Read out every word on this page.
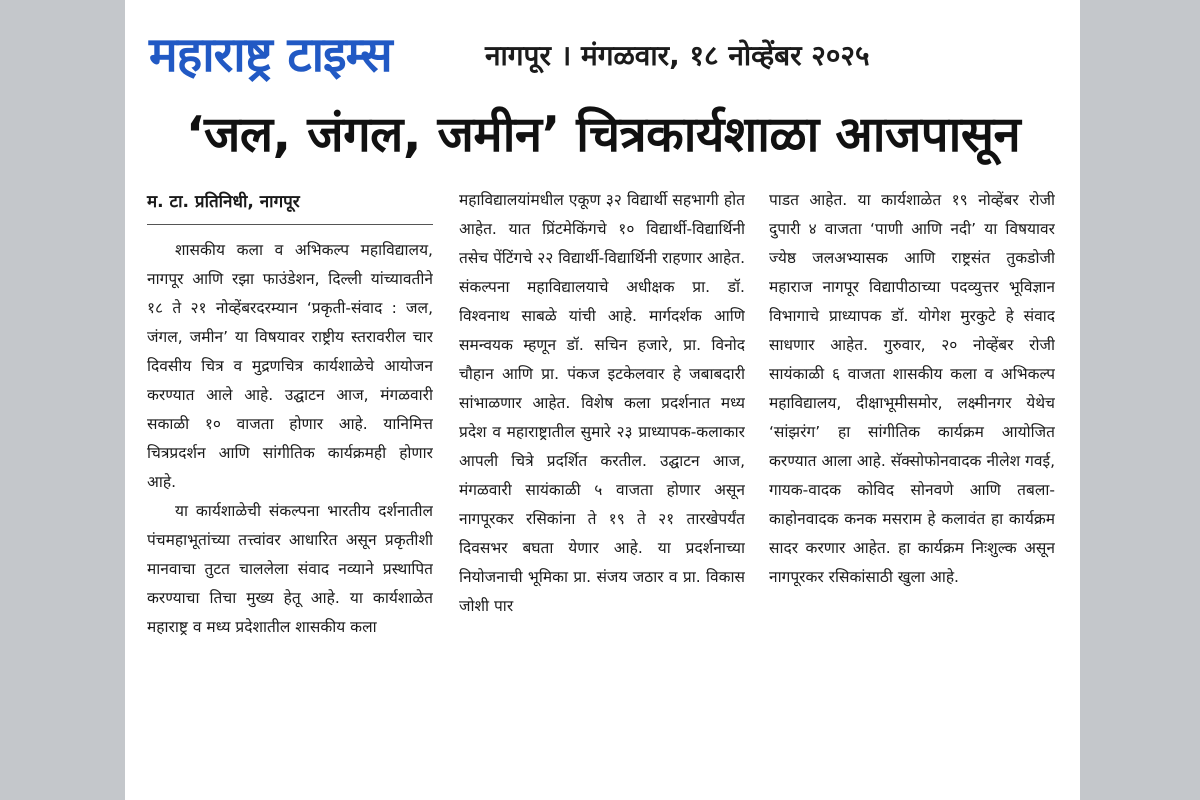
महाराष्ट्र टाइम्स	नागपूर । मंगळवार, १८ नोव्हेंबर २०२५
‘जल, जंगल, जमीन’ चित्रकार्यशाळा आजपासून
म. टा. प्रतिनिधी, नागपूर

शासकीय कला व अभिकल्प महाविद्यालय, नागपूर आणि रझा फाउंडेशन, दिल्ली यांच्यावतीने १८ ते २१ नोव्हेंबरदरम्यान ‘प्रकृती-संवाद : जल, जंगल, जमीन’ या विषयावर राष्ट्रीय स्तरावरील चार दिवसीय चित्र व मुद्रणचित्र कार्यशाळेचे आयोजन करण्यात आले आहे. उद्घाटन आज, मंगळवारी सकाळी १० वाजता होणार आहे. यानिमित्त चित्रप्रदर्शन आणि सांगीतिक कार्यक्रमही होणार आहे.

या कार्यशाळेची संकल्पना भारतीय दर्शनातील पंचमहाभूतांच्या तत्त्वांवर आधारित असून प्रकृतीशी मानवाचा तुटत चाललेला संवाद नव्याने प्रस्थापित करण्याचा तिचा मुख्य हेतू आहे. या कार्यशाळेत महाराष्ट्र व मध्य प्रदेशातील शासकीय कला

महाविद्यालयांमधील एकूण ३२ विद्यार्थी सहभागी होत आहेत. यात प्रिंटमेकिंगचे १० विद्यार्थी-विद्यार्थिनी तसेच पेंटिंगचे २२ विद्यार्थी-विद्यार्थिनी राहणार आहेत. संकल्पना महाविद्यालयाचे अधीक्षक प्रा. डॉ. विश्वनाथ साबळे यांची आहे. मार्गदर्शक आणि समन्वयक म्हणून डॉ. सचिन हजारे, प्रा. विनोद चौहान आणि प्रा. पंकज इटकेलवार हे जबाबदारी सांभाळणार आहेत. विशेष कला प्रदर्शनात मध्य प्रदेश व महाराष्ट्रातील सुमारे २३ प्राध्यापक-कलाकार आपली चित्रे प्रदर्शित करतील. उद्घाटन आज, मंगळवारी सायंकाळी ५ वाजता होणार असून नागपूरकर रसिकांना ते १९ ते २१ तारखेपर्यंत दिवसभर बघता येणार आहे. या प्रदर्शनाच्या नियोजनाची भूमिका प्रा. संजय जठार व प्रा. विकास जोशी पार

पाडत आहेत. या कार्यशाळेत १९ नोव्हेंबर रोजी दुपारी ४ वाजता ‘पाणी आणि नदी’ या विषयावर ज्येष्ठ जलअभ्यासक आणि राष्ट्रसंत तुकडोजी महाराज नागपूर विद्यापीठाच्या पदव्युत्तर भूविज्ञान विभागाचे प्राध्यापक डॉ. योगेश मुरकुटे हे संवाद साधणार आहेत. गुरुवार, २० नोव्हेंबर रोजी सायंकाळी ६ वाजता शासकीय कला व अभिकल्प महाविद्यालय, दीक्षाभूमीसमोर, लक्ष्मीनगर येथेच ‘सांझरंग’ हा सांगीतिक कार्यक्रम आयोजित करण्यात आला आहे. सॅक्सोफोनवादक नीलेश गवई, गायक-वादक कोविद सोनवणे आणि तबला-काहोनवादक कनक मसराम हे कलावंत हा कार्यक्रम सादर करणार आहेत. हा कार्यक्रम निःशुल्क असून नागपूरकर रसिकांसाठी खुला आहे.
